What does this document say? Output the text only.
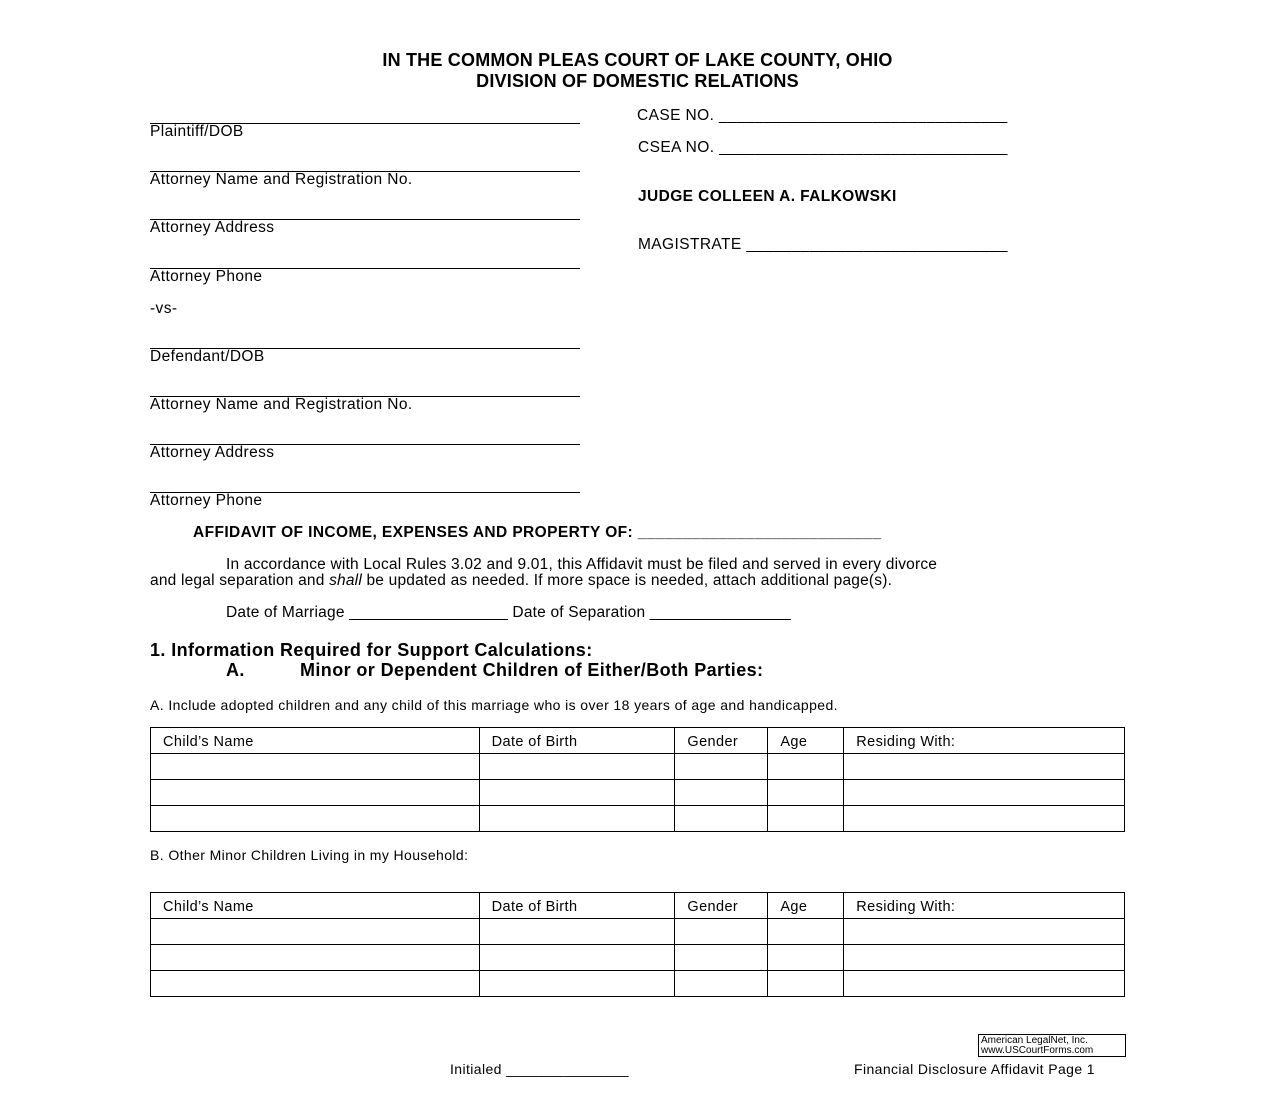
IN THE COMMON PLEAS COURT OF LAKE COUNTY, OHIO
DIVISION OF DOMESTIC RELATIONS
Plaintiff/DOB
Attorney Name and Registration No.
Attorney Address
Attorney Phone
-vs-
Defendant/DOB
Attorney Name and Registration No.
Attorney Address
Attorney Phone
CASE NO. ________________________________
CSEA NO. ________________________________
JUDGE COLLEEN A. FALKOWSKI
MAGISTRATE _____________________________
AFFIDAVIT OF INCOME, EXPENSES AND PROPERTY OF: ___________________________
In accordance with Local Rules 3.02 and 9.01, this Affidavit must be filed and served in every divorce
and legal separation and shall be updated as needed. If more space is needed, attach additional page(s).
Date of Marriage __________________ Date of Separation ________________
1. Information Required for Support Calculations:
A.	Minor or Dependent Children of Either/Both Parties:
A. Include adopted children and any child of this marriage who is over 18 years of age and handicapped.
Child’s Name	Date of Birth	Gender	Age	Residing With:

B. Other Minor Children Living in my Household:
Child’s Name	Date of Birth	Gender	Age	Residing With:

American LegalNet, Inc.
www.USCourtForms.com
Initialed _______________	Financial Disclosure Affidavit Page 1
